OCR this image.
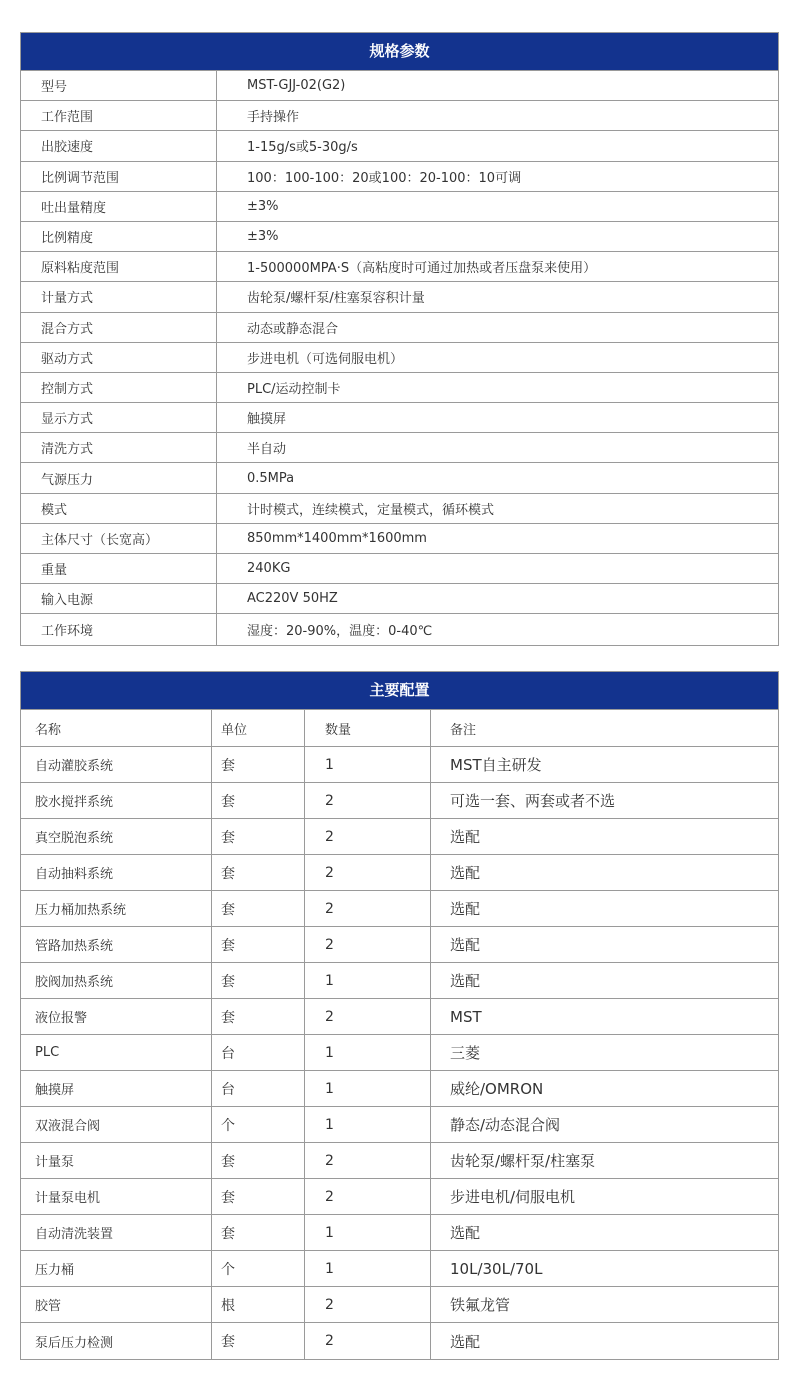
规格参数
型号	MST-GJJ-02(G2)
工作范围	手持操作
出胶速度	1-15g/s或5-30g/s
比例调节范围	100：100-100：20或100：20-100：10可调
吐出量精度	±3%
比例精度	±3%
原料粘度范围	1-500000MPA·S（高粘度时可通过加热或者压盘泵来使用）
计量方式	齿轮泵/螺杆泵/柱塞泵容积计量
混合方式	动态或静态混合
驱动方式	步进电机（可选伺服电机）
控制方式	PLC/运动控制卡
显示方式	触摸屏
清洗方式	半自动
气源压力	0.5MPa
模式	计时模式，连续模式，定量模式，循环模式
主体尺寸（长宽高）	850mm*1400mm*1600mm
重量	240KG
输入电源	AC220V 50HZ
工作环境	湿度：20-90%，温度：0-40℃
主要配置
名称	单位	数量	备注
自动灌胶系统	套	1	MST自主研发
胶水搅拌系统	套	2	可选一套、两套或者不选
真空脱泡系统	套	2	选配
自动抽料系统	套	2	选配
压力桶加热系统	套	2	选配
管路加热系统	套	2	选配
胶阀加热系统	套	1	选配
液位报警	套	2	MST
PLC	台	1	三菱
触摸屏	台	1	威纶/OMRON
双液混合阀	个	1	静态/动态混合阀
计量泵	套	2	齿轮泵/螺杆泵/柱塞泵
计量泵电机	套	2	步进电机/伺服电机
自动清洗装置	套	1	选配
压力桶	个	1	10L/30L/70L
胶管	根	2	铁氟龙管
泵后压力检测	套	2	选配
